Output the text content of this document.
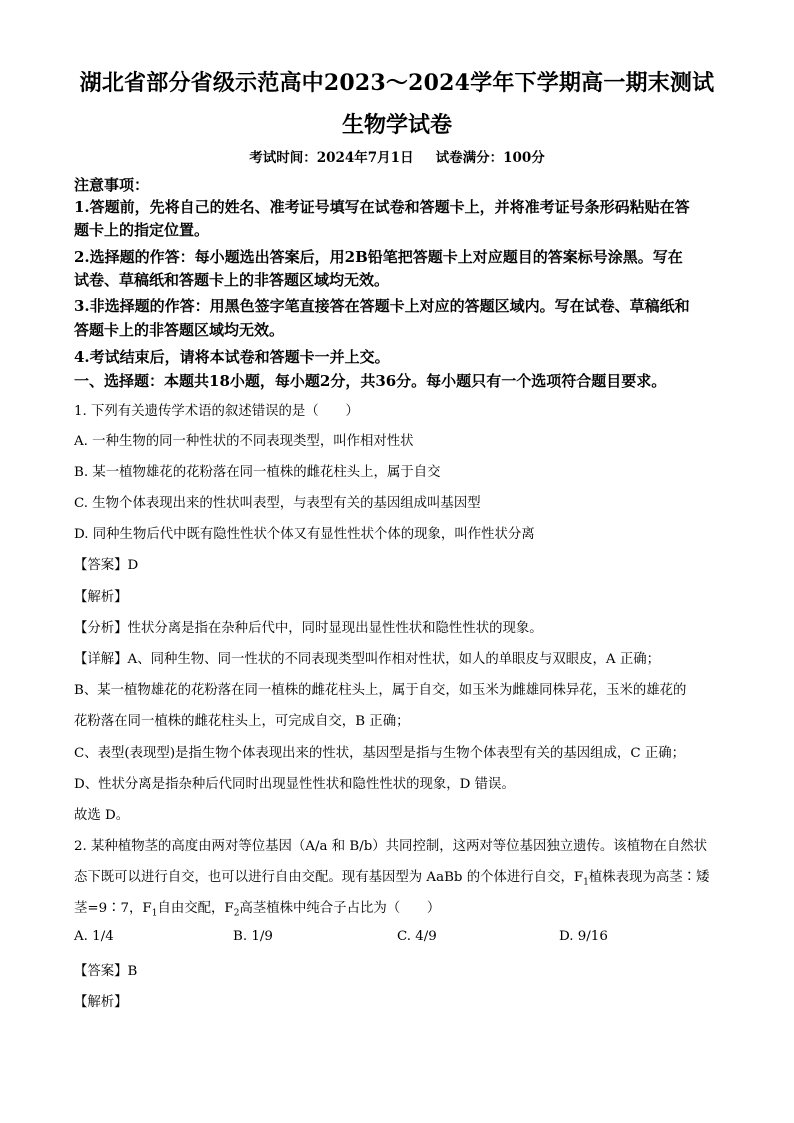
湖北省部分省级示范高中2023～2024学年下学期高一期末测试
生物学试卷
考试时间：2024年7月1日 试卷满分：100分
注意事项：
1.答题前，先将自己的姓名、准考证号填写在试卷和答题卡上，并将准考证号条形码粘贴在答
题卡上的指定位置。
2.选择题的作答：每小题选出答案后，用2B铅笔把答题卡上对应题目的答案标号涂黑。写在
试卷、草稿纸和答题卡上的非答题区域均无效。
3.非选择题的作答：用黑色签字笔直接答在答题卡上对应的答题区域内。写在试卷、草稿纸和
答题卡上的非答题区域均无效。
4.考试结束后，请将本试卷和答题卡一并上交。
一、选择题：本题共18小题，每小题2分，共36分。每小题只有一个选项符合题目要求。
1. 下列有关遗传学术语的叙述错误的是（　　）
A. 一种生物的同一种性状的不同表现类型，叫作相对性状
B. 某一植物雄花的花粉落在同一植株的雌花柱头上，属于自交
C. 生物个体表现出来的性状叫表型，与表型有关的基因组成叫基因型
D. 同种生物后代中既有隐性性状个体又有显性性状个体的现象，叫作性状分离
【答案】D
【解析】
【分析】性状分离是指在杂种后代中，同时显现出显性性状和隐性性状的现象。
【详解】A、同种生物、同一性状的不同表现类型叫作相对性状，如人的单眼皮与双眼皮，A 正确；
B、某一植物雄花的花粉落在同一植株的雌花柱头上，属于自交，如玉米为雌雄同株异花，玉米的雄花的
花粉落在同一植株的雌花柱头上，可完成自交，B 正确；
C、表型(表现型)是指生物个体表现出来的性状，基因型是指与生物个体表型有关的基因组成，C 正确；
D、性状分离是指杂种后代同时出现显性性状和隐性性状的现象，D 错误。
故选 D。
2. 某种植物茎的高度由两对等位基因（A/a 和 B/b）共同控制，这两对等位基因独立遗传。该植物在自然状
态下既可以进行自交，也可以进行自由交配。现有基因型为 AaBb 的个体进行自交，$F_1$植株表现为高茎∶矮
茎=9∶7，$F_1$自由交配，$F_2$高茎植株中纯合子占比为（　　）
A. 1/4	B. 1/9	C. 4/9	D. 9/16
【答案】B
【解析】
